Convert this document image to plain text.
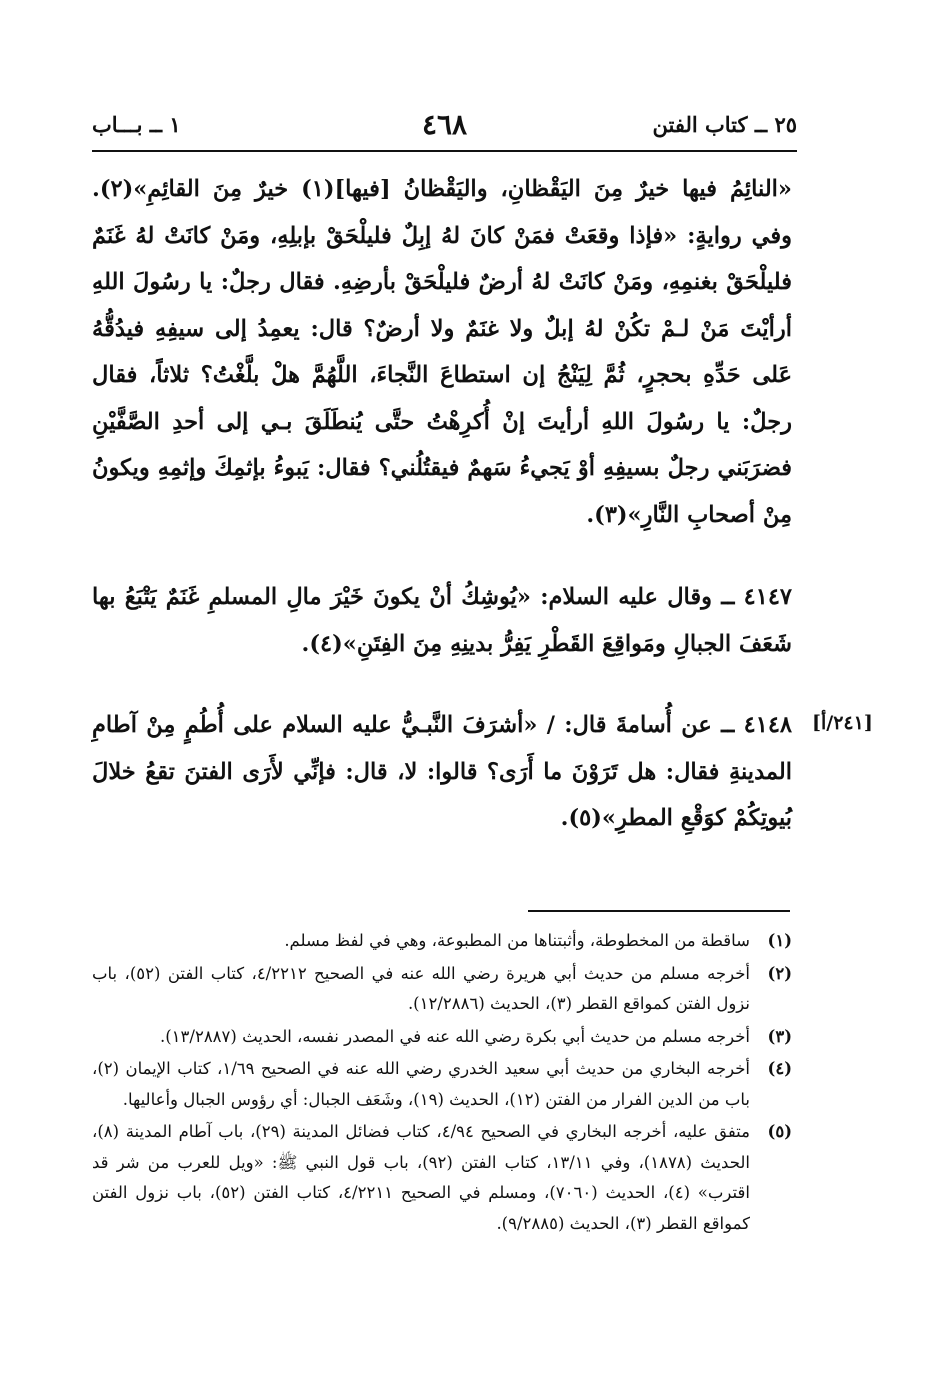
٢٥ ــ كتاب الفتن
٤٦٨
١ ــ بـــاب
«النائِمُ فيها خيرٌ مِنَ اليَقْظانِ، واليَقْظانُ [فيها](١) خيرٌ مِنَ القائِمِ»(٢). وفي روايةٍ: «فإذا وقعَتْ فمَنْ كانَ لهُ إبِلٌ فليلْحَقْ بإبلِهِ، ومَنْ كانَتْ لهُ غَنَمٌ فليلْحَقْ بغنمِهِ، ومَنْ كانَتْ لهُ أرضٌ فليلْحَقْ بأرضِهِ. فقال رجلٌ: يا رسُولَ اللهِ أرأيْتَ مَنْ لـمْ تكُنْ لهُ إبلٌ ولا غنَمٌ ولا أرضٌ؟ قال: يعمِدُ إلى سيفِهِ فيدُقُّهُ عَلى حَدِّهِ بحجرٍ، ثُمَّ لِيَنْجُ إن استطاعَ النَّجاءَ، اللَّهُمَّ هلْ بلَّغْتُ؟ ثلاثاً، فقال رجلٌ: يا رسُولَ اللهِ أرأيتَ إنْ أُكرِهْتُ حتَّى يُنطَلَقَ بـي إلى أحدِ الصَّفَّيْنِ فضرَبَني رجلٌ بسيفِهِ أوْ يَجيءُ سَهمٌ فيقتُلُني؟ فقال: يَبوءُ بإثمِكَ وإثمِهِ ويكونُ مِنْ أصحابِ النَّارِ»(٣).
٤١٤٧ ــ وقال عليه السلام: «يُوشِكُ أنْ يكونَ خَيْرَ مالِ المسلمِ غَنَمٌ يَتْبَعُ بها شَعَفَ الجبالِ ومَواقِعَ القَطْرِ يَفِرُّ بدينِهِ مِنَ الفِتَنِ»(٤).
٤١٤٨ ــ عن أُسامةَ قال: / «أشرَفَ النَّبـيُّ عليه السلام على أُطُمٍ مِنْ آطامِ المدينةِ فقال: هل تَرَوْنَ ما أَرَى؟ قالوا: لا، قال: فإنِّي لأَرَى الفتنَ تقعُ خلالَ بُيوتِكُمْ كوَقْعِ المطرِ»(٥).
[٢٤١/أ]
(١)
ساقطة من المخطوطة، وأثبتناها من المطبوعة، وهي في لفظ مسلم.
(٢)
أخرجه مسلم من حديث أبي هريرة رضي الله عنه في الصحيح ٤/٢٢١٢، كتاب الفتن (٥٢)، باب نزول الفتن كمواقع القطر (٣)، الحديث (١٢/٢٨٨٦).
(٣)
أخرجه مسلم من حديث أبي بكرة رضي الله عنه في المصدر نفسه، الحديث (١٣/٢٨٨٧).
(٤)
أخرجه البخاري من حديث أبي سعيد الخدري رضي الله عنه في الصحيح ١/٦٩، كتاب الإيمان (٢)، باب من الدين الفرار من الفتن (١٢)، الحديث (١٩)، وشَعَف الجبال: أي رؤوس الجبال وأعاليها.
(٥)
متفق عليه، أخرجه البخاري في الصحيح ٤/٩٤، كتاب فضائل المدينة (٢٩)، باب آطام المدينة (٨)، الحديث (١٨٧٨)، وفي ١٣/١١، كتاب الفتن (٩٢)، باب قول النبي ﷺ: «ويل للعرب من شر قد اقترب» (٤)، الحديث (٧٠٦٠)، ومسلم في الصحيح ٤/٢٢١١، كتاب الفتن (٥٢)، باب نزول الفتن كمواقع القطر (٣)، الحديث (٩/٢٨٨٥).
